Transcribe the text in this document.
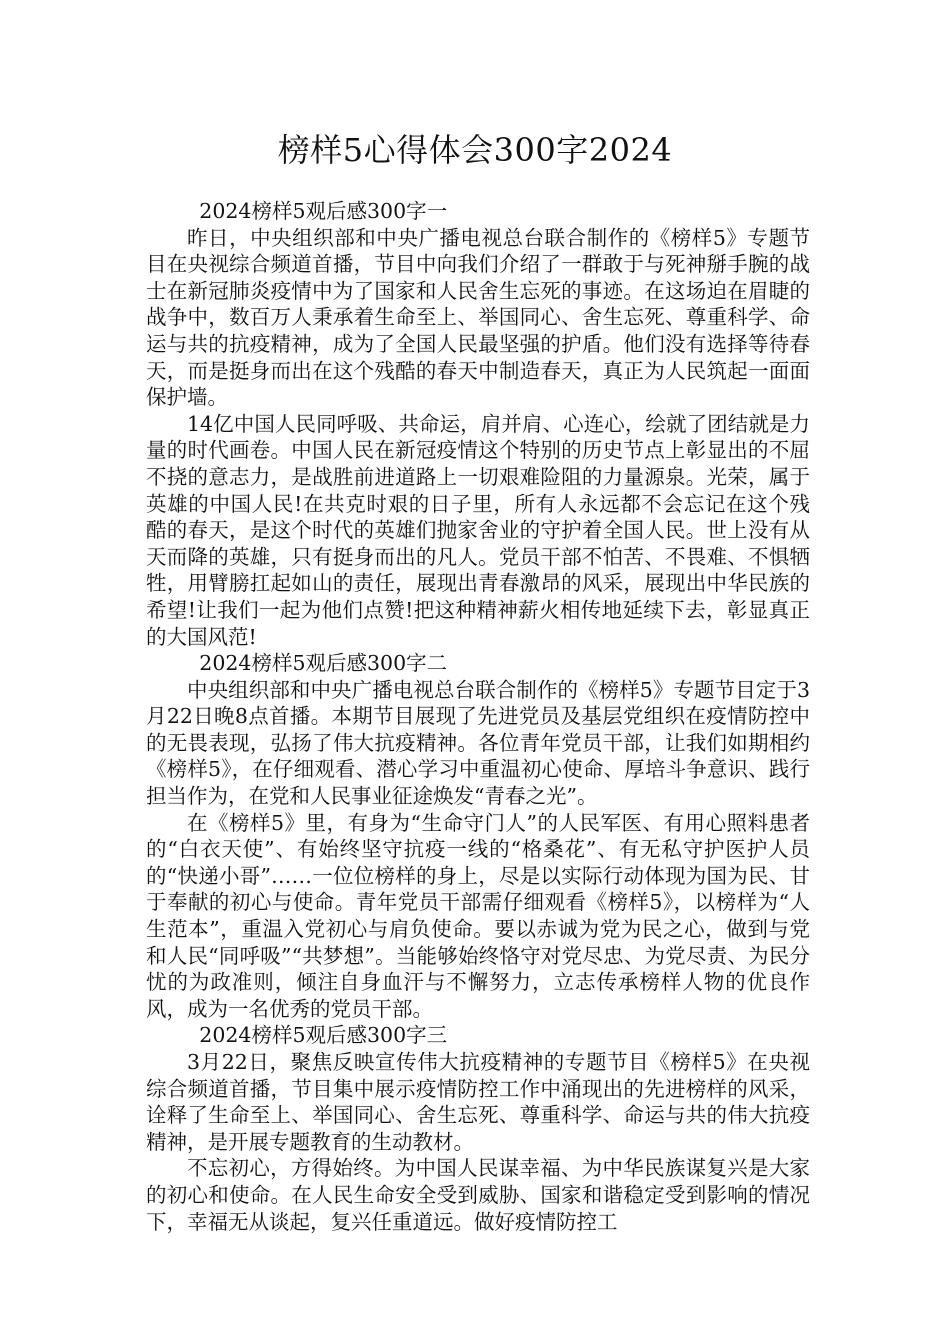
榜样5心得体会300字2024

2024榜样5观后感300字一

昨日，中央组织部和中央广播电视总台联合制作的《榜样5》专题节目在央视综合频道首播，节目中向我们介绍了一群敢于与死神掰手腕的战士在新冠肺炎疫情中为了国家和人民舍生忘死的事迹。在这场迫在眉睫的战争中，数百万人秉承着生命至上、举国同心、舍生忘死、尊重科学、命运与共的抗疫精神，成为了全国人民最坚强的护盾。他们没有选择等待春天，而是挺身而出在这个残酷的春天中制造春天，真正为人民筑起一面面保护墙。

14亿中国人民同呼吸、共命运，肩并肩、心连心，绘就了团结就是力量的时代画卷。中国人民在新冠疫情这个特别的历史节点上彰显出的不屈不挠的意志力，是战胜前进道路上一切艰难险阻的力量源泉。光荣，属于英雄的中国人民!在共克时艰的日子里，所有人永远都不会忘记在这个残酷的春天，是这个时代的英雄们抛家舍业的守护着全国人民。世上没有从天而降的英雄，只有挺身而出的凡人。党员干部不怕苦、不畏难、不惧牺牲，用臂膀扛起如山的责任，展现出青春激昂的风采，展现出中华民族的希望!让我们一起为他们点赞!把这种精神薪火相传地延续下去，彰显真正的大国风范!

2024榜样5观后感300字二

中央组织部和中央广播电视总台联合制作的《榜样5》专题节目定于3月22日晚8点首播。本期节目展现了先进党员及基层党组织在疫情防控中的无畏表现，弘扬了伟大抗疫精神。各位青年党员干部，让我们如期相约《榜样5》，在仔细观看、潜心学习中重温初心使命、厚培斗争意识、践行担当作为，在党和人民事业征途焕发“青春之光”。

在《榜样5》里，有身为“生命守门人”的人民军医、有用心照料患者的“白衣天使”、有始终坚守抗疫一线的“格桑花”、有无私守护医护人员的“快递小哥”……一位位榜样的身上，尽是以实际行动体现为国为民、甘于奉献的初心与使命。青年党员干部需仔细观看《榜样5》，以榜样为“人生范本”，重温入党初心与肩负使命。要以赤诚为党为民之心，做到与党和人民“同呼吸”“共梦想”。当能够始终恪守对党尽忠、为党尽责、为民分忧的为政准则，倾注自身血汗与不懈努力，立志传承榜样人物的优良作风，成为一名优秀的党员干部。

2024榜样5观后感300字三

3月22日，聚焦反映宣传伟大抗疫精神的专题节目《榜样5》在央视综合频道首播，节目集中展示疫情防控工作中涌现出的先进榜样的风采，诠释了生命至上、举国同心、舍生忘死、尊重科学、命运与共的伟大抗疫精神，是开展专题教育的生动教材。

不忘初心，方得始终。为中国人民谋幸福、为中华民族谋复兴是大家的初心和使命。在人民生命安全受到威胁、国家和谐稳定受到影响的情况下，幸福无从谈起，复兴任重道远。做好疫情防控工
